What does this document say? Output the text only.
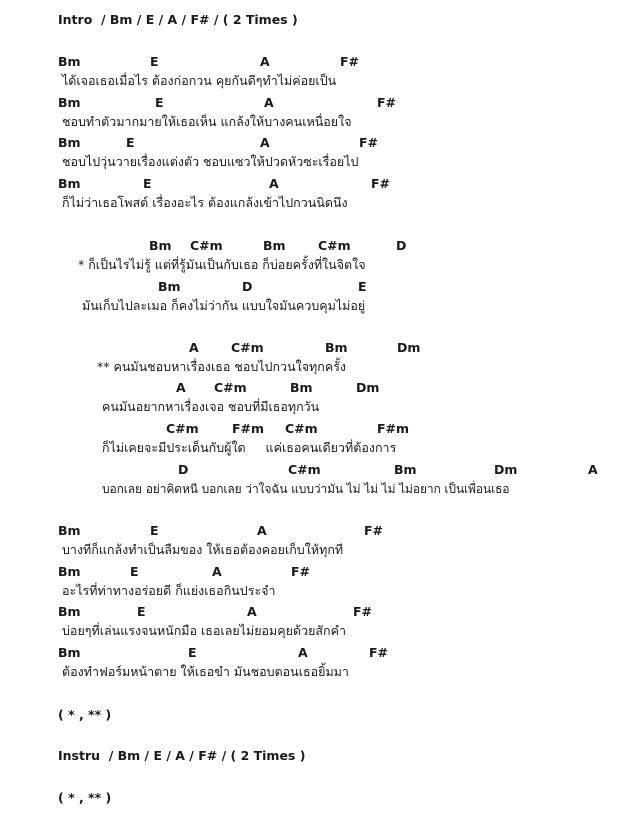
Intro  / Bm / E / A / F# / ( 2 Times )
Bm	E	A	F#
ได้เจอเธอเมื่อไร ต้องก่อกวน คุยกันดีๆทำไม่ค่อยเป็น
Bm	E	A	F#
ชอบทำตัวมากมายให้เธอเห็น แกล้งให้บางคนเหนื่อยใจ
Bm	E	A	F#
ชอบไปวุ่นวายเรื่องแต่งตัว ชอบแซวให้ปวดหัวซะเรื่อยไป
Bm	E	A	F#
ก็ไม่ว่าเธอโพสต์ เรื่องอะไร ต้องแกล้งเข้าไปกวนนิดนึง
Bm C#m	Bm	C#m	D
* ก็เป็นไรไม่รู้ แต่ที่รู้มันเป็นกับเธอ ก็บ่อยครั้งที่ในจิตใจ
Bm	D	E
มันเก็บไปละเมอ ก็คงไม่ว่ากัน แบบใจมันควบคุมไม่อยู่
A	C#m	Bm	Dm
** คนมันชอบหาเรื่องเธอ ชอบไปกวนใจทุกครั้ง
A C#m	Bm	Dm
คนมันอยากหาเรื่องเจอ ชอบที่มีเธอทุกวัน
C#m	F#m C#m	F#m
ก็ไม่เคยจะมีประเด็นกับผู้ใด     แค่เธอคนเดียวที่ต้องการ
D	C#m	Bm	Dm	A
บอกเลย อย่าคิดหนี บอกเลย ว่าใจฉัน แบบว่ามัน ไม่ ไม่ ไม่ ไม่อยาก เป็นเพื่อนเธอ
Bm	E	A	F#
บางทีก็แกล้งทำเป็นลืมของ ให้เธอต้องคอยเก็บให้ทุกที
Bm	E	A	F#
อะไรที่ท่าทางอร่อยดี ก็แย่งเธอกินประจำ
Bm	E	A	F#
บ่อยๆที่เล่นแรงจนหนักมือ เธอเลยไม่ยอมคุยด้วยสักคำ
Bm	E	A	F#
ต้องทำฟอร์มหน้าตาย ให้เธอขำ มันชอบตอนเธอยิ้มมา
( * , ** )
Instru  / Bm / E / A / F# / ( 2 Times )
( * , ** )
